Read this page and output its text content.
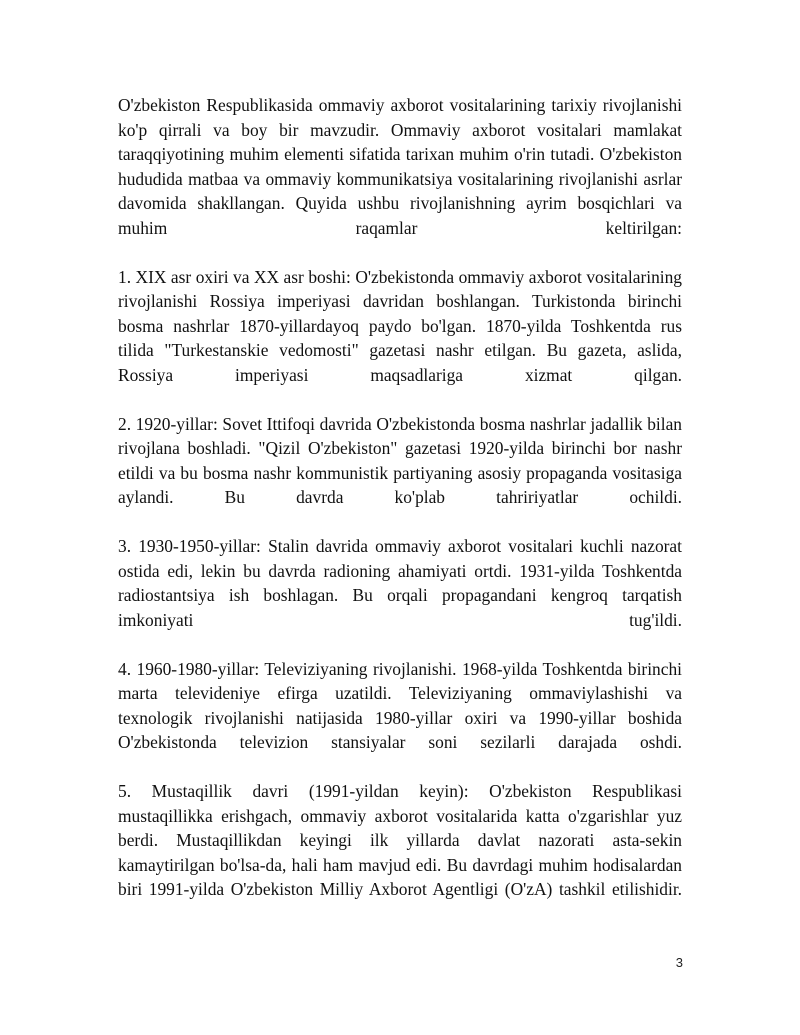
O'zbekiston Respublikasida ommaviy axborot vositalarining tarixiy rivojlanishi ko'p qirrali va boy bir mavzudir. Ommaviy axborot vositalari mamlakat taraqqiyotining muhim elementi sifatida tarixan muhim o'rin tutadi. O'zbekiston hududida matbaa va ommaviy kommunikatsiya vositalarining rivojlanishi asrlar davomida shakllangan. Quyida ushbu rivojlanishning ayrim bosqichlari va muhim raqamlar keltirilgan:

1. XIX asr oxiri va XX asr boshi: O'zbekistonda ommaviy axborot vositalarining rivojlanishi Rossiya imperiyasi davridan boshlangan. Turkistonda birinchi bosma nashrlar 1870-yillardayoq paydo bo'lgan. 1870-yilda Toshkentda rus tilida "Turkestanskie vedomosti" gazetasi nashr etilgan. Bu gazeta, aslida, Rossiya imperiyasi maqsadlariga xizmat qilgan.

2. 1920-yillar: Sovet Ittifoqi davrida O'zbekistonda bosma nashrlar jadallik bilan rivojlana boshladi. "Qizil O'zbekiston" gazetasi 1920-yilda birinchi bor nashr etildi va bu bosma nashr kommunistik partiyaning asosiy propaganda vositasiga aylandi. Bu davrda ko'plab tahririyatlar ochildi.

3. 1930-1950-yillar: Stalin davrida ommaviy axborot vositalari kuchli nazorat ostida edi, lekin bu davrda radioning ahamiyati ortdi. 1931-yilda Toshkentda radiostantsiya ish boshlagan. Bu orqali propagandani kengroq tarqatish imkoniyati tug'ildi.

4. 1960-1980-yillar: Televiziyaning rivojlanishi. 1968-yilda Toshkentda birinchi marta televideniye efirga uzatildi. Televiziyaning ommaviylashishi va texnologik rivojlanishi natijasida 1980-yillar oxiri va 1990-yillar boshida O'zbekistonda televizion stansiyalar soni sezilarli darajada oshdi.

5. Mustaqillik davri (1991-yildan keyin): O'zbekiston Respublikasi mustaqillikka erishgach, ommaviy axborot vositalarida katta o'zgarishlar yuz berdi. Mustaqillikdan keyingi ilk yillarda davlat nazorati asta-sekin kamaytirilgan bo'lsa-da, hali ham mavjud edi. Bu davrdagi muhim hodisalardan biri 1991-yilda O'zbekiston Milliy Axborot Agentligi (O'zA) tashkil etilishidir.

3
